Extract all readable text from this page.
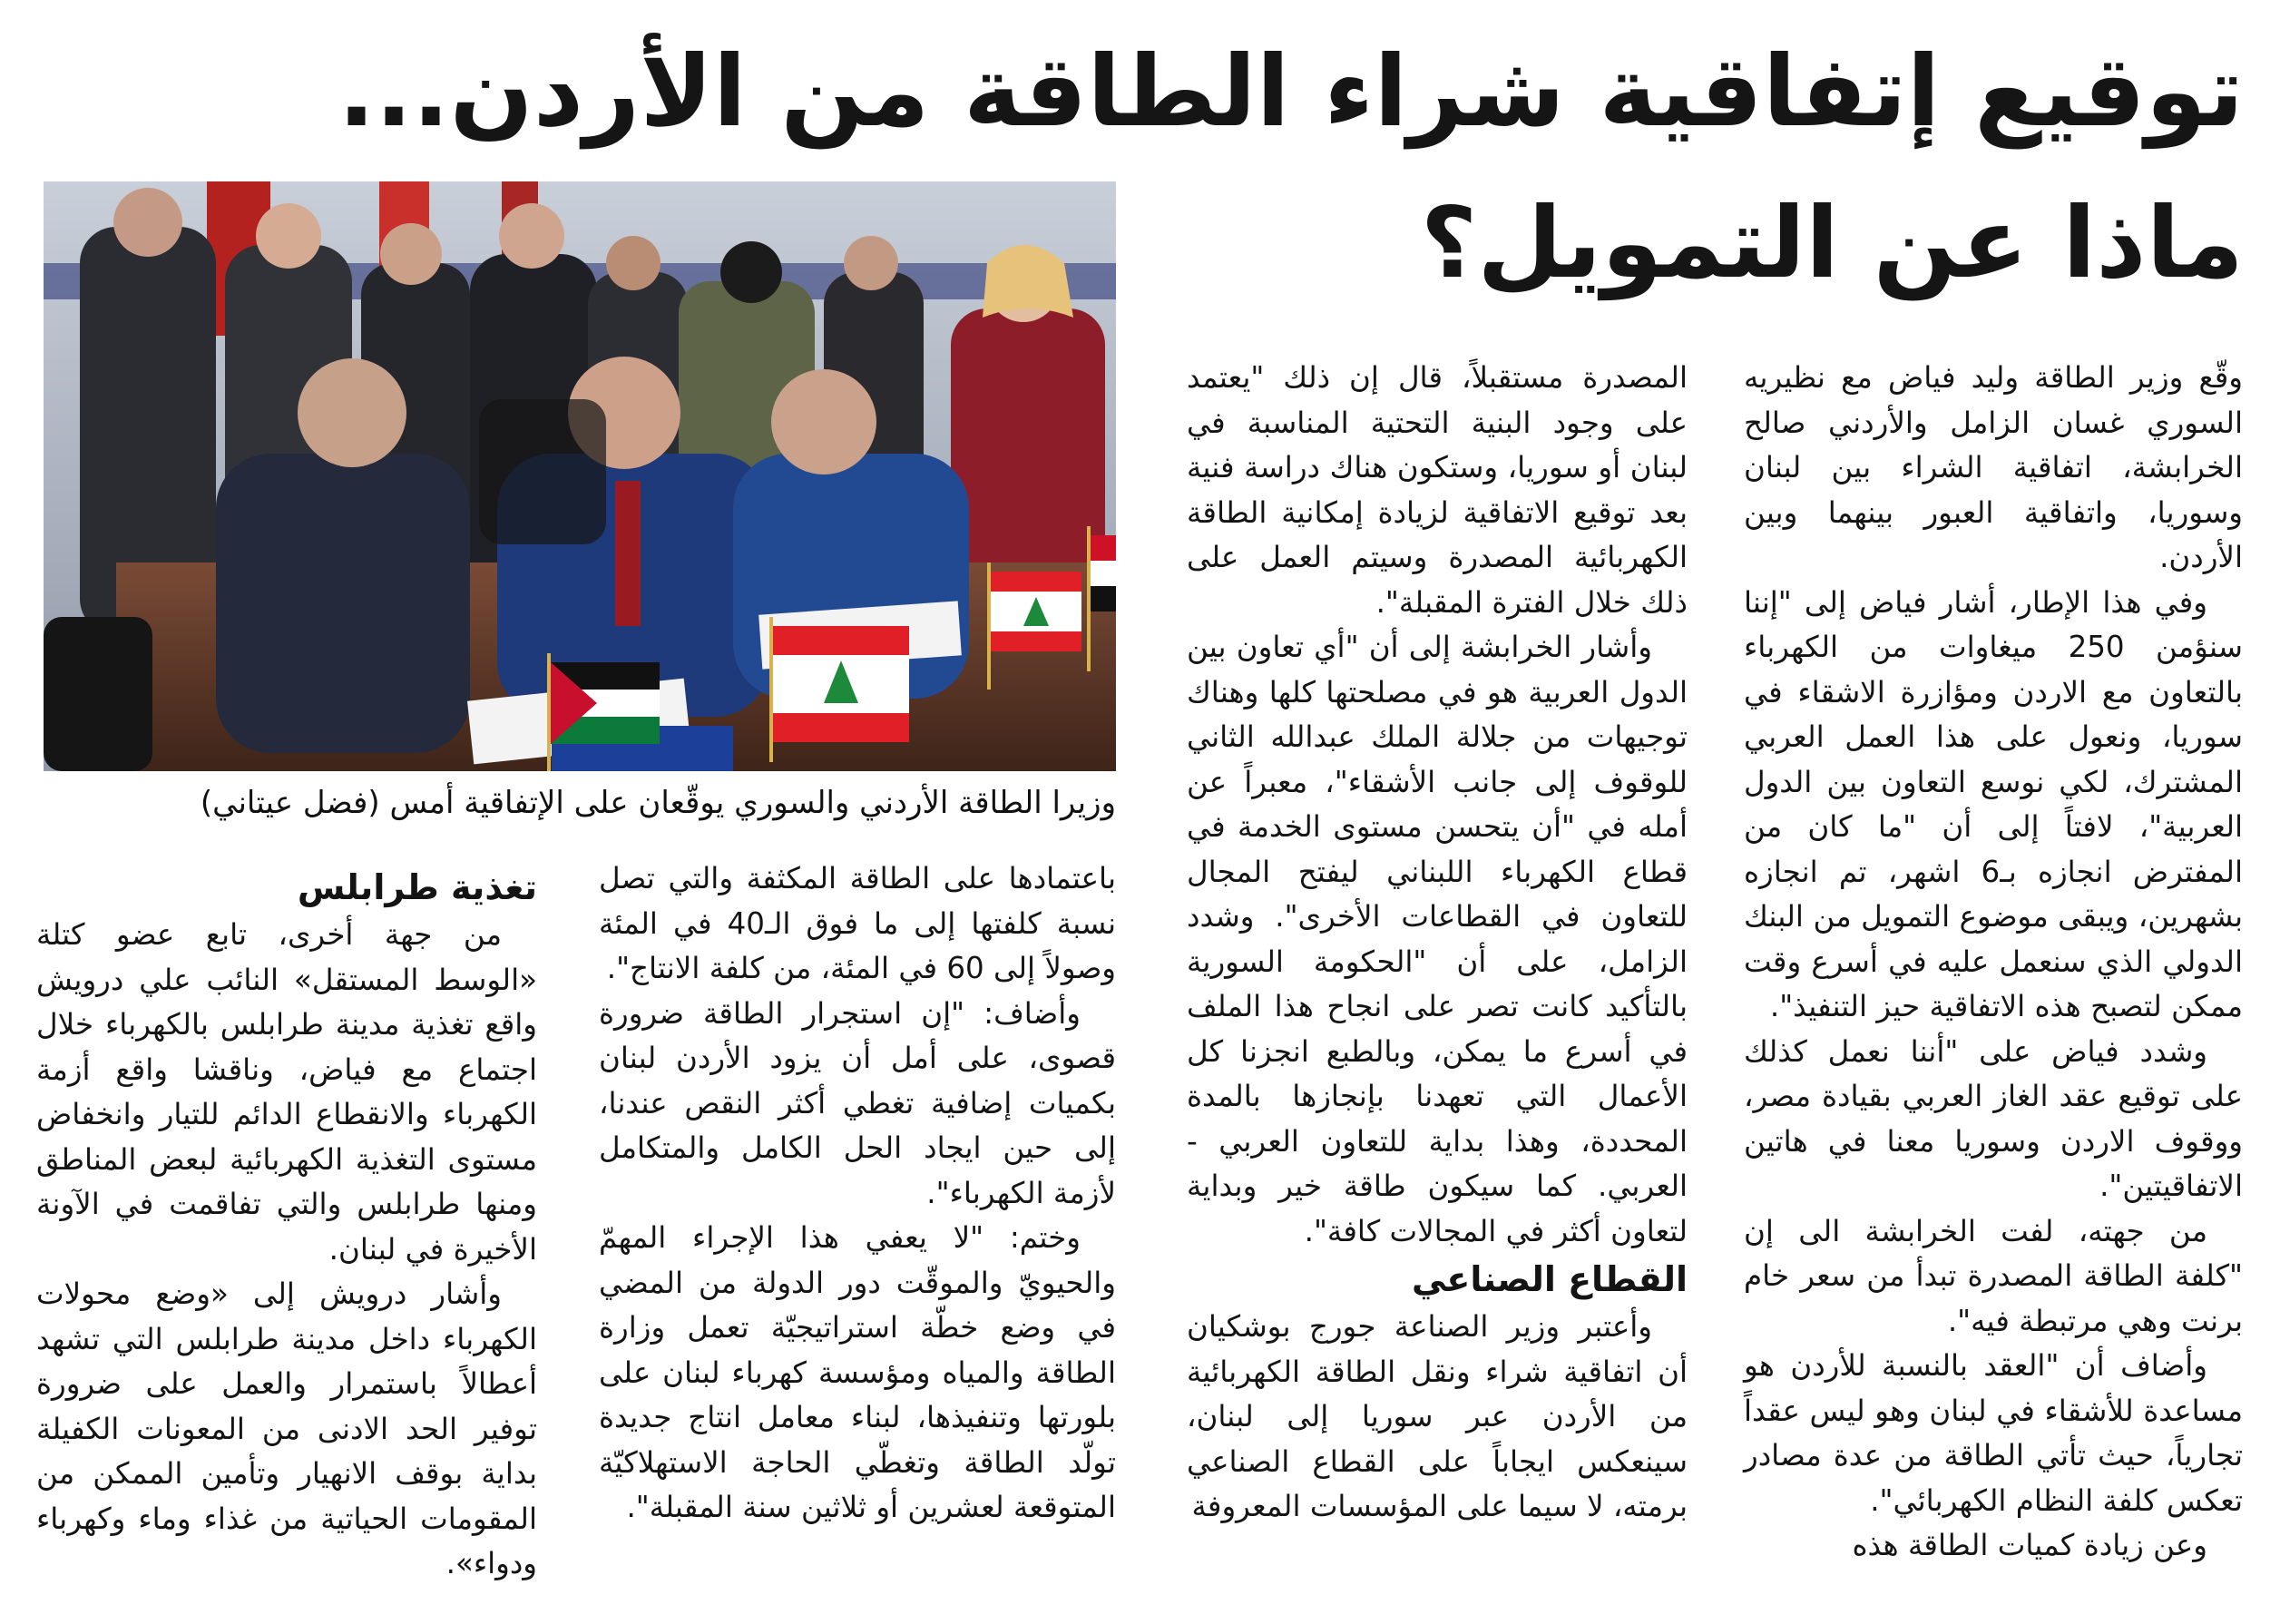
توقيع إتفاقية شراء الطاقة من الأردن...
ماذا عن التمويل؟
وزيرا الطاقة الأردني والسوري يوقّعان على الإتفاقية أمس (فضل عيتاني)

وقّع وزير الطاقة وليد فياض مع نظيريه السوري غسان الزامل والأردني صالح الخرابشة، اتفاقية الشراء بين لبنان وسوريا، واتفاقية العبور بينهما وبين الأردن.

وفي هذا الإطار، أشار فياض إلى "إننا سنؤمن 250 ميغاوات من الكهرباء بالتعاون مع الاردن ومؤازرة الاشقاء في سوريا، ونعول على هذا العمل العربي المشترك، لكي نوسع التعاون بين الدول العربية"، لافتاً إلى أن "ما كان من المفترض انجازه بـ6 اشهر، تم انجازه بشهرين، ويبقى موضوع التمويل من البنك الدولي الذي سنعمل عليه في أسرع وقت ممكن لتصبح هذه الاتفاقية حيز التنفيذ".

وشدد فياض على "أننا نعمل كذلك على توقيع عقد الغاز العربي بقيادة مصر، ووقوف الاردن وسوريا معنا في هاتين الاتفاقيتين".

من جهته، لفت الخرابشة الى إن "كلفة الطاقة المصدرة تبدأ من سعر خام برنت وهي مرتبطة فيه".

وأضاف أن "العقد بالنسبة للأردن هو مساعدة للأشقاء في لبنان وهو ليس عقداً تجارياً، حيث تأتي الطاقة من عدة مصادر تعكس كلفة النظام الكهربائي".

وعن زيادة كميات الطاقة هذه

المصدرة مستقبلاً، قال إن ذلك "يعتمد على وجود البنية التحتية المناسبة في لبنان أو سوريا، وستكون هناك دراسة فنية بعد توقيع الاتفاقية لزيادة إمكانية الطاقة الكهربائية المصدرة وسيتم العمل على ذلك خلال الفترة المقبلة".

وأشار الخرابشة إلى أن "أي تعاون بين الدول العربية هو في مصلحتها كلها وهناك توجيهات من جلالة الملك عبدالله الثاني للوقوف إلى جانب الأشقاء"، معبراً عن أمله في "أن يتحسن مستوى الخدمة في قطاع الكهرباء اللبناني ليفتح المجال للتعاون في القطاعات الأخرى". وشدد الزامل، على أن "الحكومة السورية بالتأكيد كانت تصر على انجاح هذا الملف في أسرع ما يمكن، وبالطبع انجزنا كل الأعمال التي تعهدنا بإنجازها بالمدة المحددة، وهذا بداية للتعاون العربي - العربي. كما سيكون طاقة خير وبداية لتعاون أكثر في المجالات كافة".

القطاع الصناعي

وأعتبر وزير الصناعة جورج بوشكيان أن اتفاقية شراء ونقل الطاقة الكهربائية من الأردن عبر سوريا إلى لبنان، سينعكس ايجاباً على القطاع الصناعي برمته، لا سيما على المؤسسات المعروفة

باعتمادها على الطاقة المكثفة والتي تصل نسبة كلفتها إلى ما فوق الـ40 في المئة وصولاً إلى 60 في المئة، من كلفة الانتاج".

وأضاف: "إن استجرار الطاقة ضرورة قصوى، على أمل أن يزود الأردن لبنان بكميات إضافية تغطي أكثر النقص عندنا، إلى حين ايجاد الحل الكامل والمتكامل لأزمة الكهرباء".

وختم: "لا يعفي هذا الإجراء المهمّ والحيويّ والموقّت دور الدولة من المضي في وضع خطّة استراتيجيّة تعمل وزارة الطاقة والمياه ومؤسسة كهرباء لبنان على بلورتها وتنفيذها، لبناء معامل انتاج جديدة تولّد الطاقة وتغطّي الحاجة الاستهلاكيّة المتوقعة لعشرين أو ثلاثين سنة المقبلة".

تغذية طرابلس

من جهة أخرى، تابع عضو كتلة «الوسط المستقل» النائب علي درويش واقع تغذية مدينة طرابلس بالكهرباء خلال اجتماع مع فياض، وناقشا واقع أزمة الكهرباء والانقطاع الدائم للتيار وانخفاض مستوى التغذية الكهربائية لبعض المناطق ومنها طرابلس والتي تفاقمت في الآونة الأخيرة في لبنان.

وأشار درويش إلى «وضع محولات الكهرباء داخل مدينة طرابلس التي تشهد أعطالاً باستمرار والعمل على ضرورة توفير الحد الادنى من المعونات الكفيلة بداية بوقف الانهيار وتأمين الممكن من المقومات الحياتية من غذاء وماء وكهرباء ودواء».
